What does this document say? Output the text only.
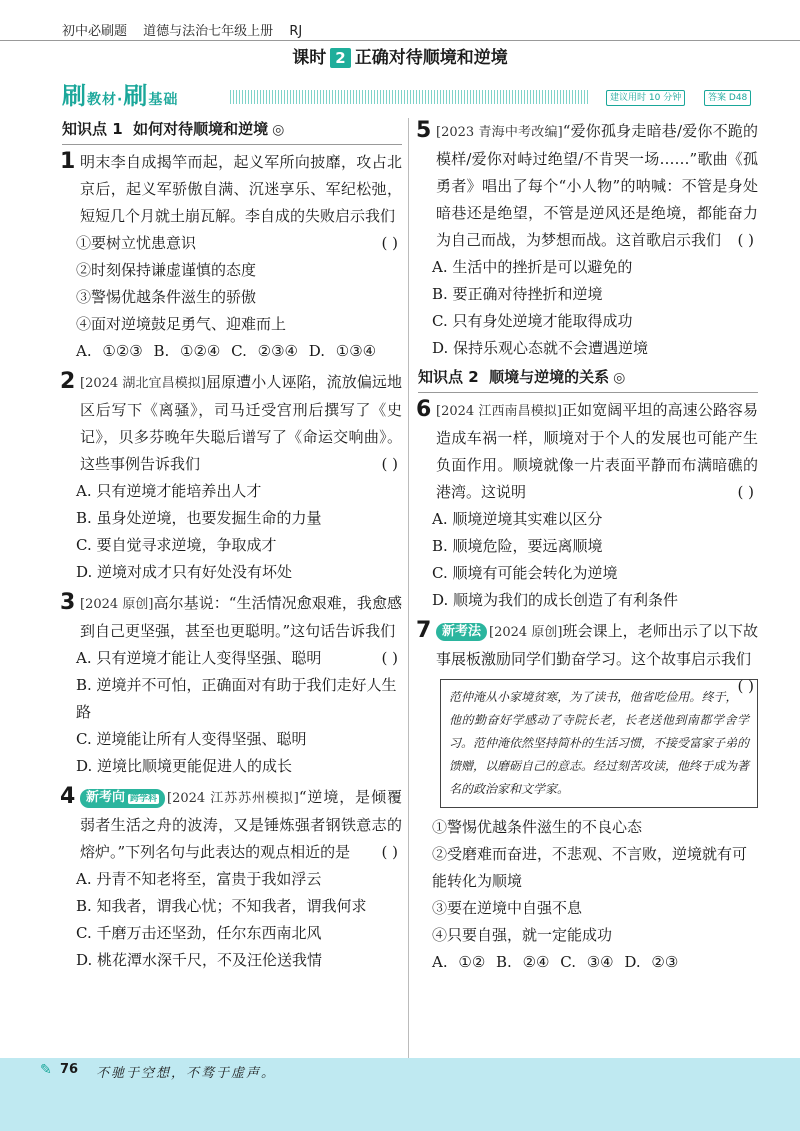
初中必刷题 道德与法治七年级上册 RJ
课时 2 正确对待顺境和逆境
刷教材·刷基础	建议用时 10 分钟	答案 D48
知识点 1 如何对待顺境和逆境 ◎
1 明末李自成揭竿而起，起义军所向披靡，攻占北京后，起义军骄傲自满、沉迷享乐、军纪松弛，短短几个月就土崩瓦解。李自成的失败启示我们
( )
①要树立忧患意识
②时刻保持谦虚谨慎的态度
③警惕优越条件滋生的骄傲
④面对逆境鼓足勇气、迎难而上
A. ①②③ B. ①②④ C. ②③④ D. ①③④
2 [2024 湖北宜昌模拟]屈原遭小人诬陷，流放偏远地区后写下《离骚》，司马迁受宫刑后撰写了《史记》，贝多芬晚年失聪后谱写了《命运交响曲》。这些事例告诉我们	( )
A. 只有逆境才能培养出人才
B. 虽身处逆境，也要发掘生命的力量
C. 要自觉寻求逆境，争取成才
D. 逆境对成才只有好处没有坏处
3 [2024 原创]高尔基说：“生活情况愈艰难，我愈感到自己更坚强，甚至也更聪明。”这句话告诉我们
( )
A. 只有逆境才能让人变得坚强、聪明
B. 逆境并不可怕，正确面对有助于我们走好人生路
C. 逆境能让所有人变得坚强、聪明
D. 逆境比顺境更能促进人的成长
4 新考向 跨学科 [2024 江苏苏州模拟]“逆境，是倾覆弱者生活之舟的波涛，又是锤炼强者钢铁意志的熔炉。”下列名句与此表达的观点相近的是 ( )
A. 丹青不知老将至，富贵于我如浮云
B. 知我者，谓我心忧；不知我者，谓我何求
C. 千磨万击还坚劲，任尔东西南北风
D. 桃花潭水深千尺，不及汪伦送我情
5 [2023 青海中考改编]“爱你孤身走暗巷/爱你不跪的模样/爱你对峙过绝望/不肯哭一场……”歌曲《孤勇者》唱出了每个“小人物”的呐喊：不管是身处暗巷还是绝望，不管是逆风还是绝境，都能奋力为自己而战，为梦想而战。这首歌启示我们 ( )
A. 生活中的挫折是可以避免的
B. 要正确对待挫折和逆境
C. 只有身处逆境才能取得成功
D. 保持乐观心态就不会遭遇逆境
知识点 2 顺境与逆境的关系 ◎
6 [2024 江西南昌模拟]正如宽阔平坦的高速公路容易造成车祸一样，顺境对于个人的发展也可能产生负面作用。顺境就像一片表面平静而布满暗礁的港湾。这说明	( )
A. 顺境逆境其实难以区分
B. 顺境危险，要远离顺境
C. 顺境有可能会转化为逆境
D. 顺境为我们的成长创造了有利条件
7 新考法 [2024 原创]班会课上，老师出示了以下故事展板激励同学们勤奋学习。这个故事启示我们
( )
范仲淹从小家境贫寒，为了读书，他省吃俭用。终于，他的勤奋好学感动了寺院长老，长老送他到南都学舍学习。范仲淹依然坚持简朴的生活习惯，不接受富家子弟的馈赠，以磨砺自己的意志。经过刻苦攻读，他终于成为著名的政治家和文学家。
①警惕优越条件滋生的不良心态
②受磨难而奋进，不悲观、不言败，逆境就有可能转化为顺境
③要在逆境中自强不息
④只要自强，就一定能成功
A. ①② B. ②④ C. ③④ D. ②③
✎ 76 不驰于空想，不骛于虚声。
